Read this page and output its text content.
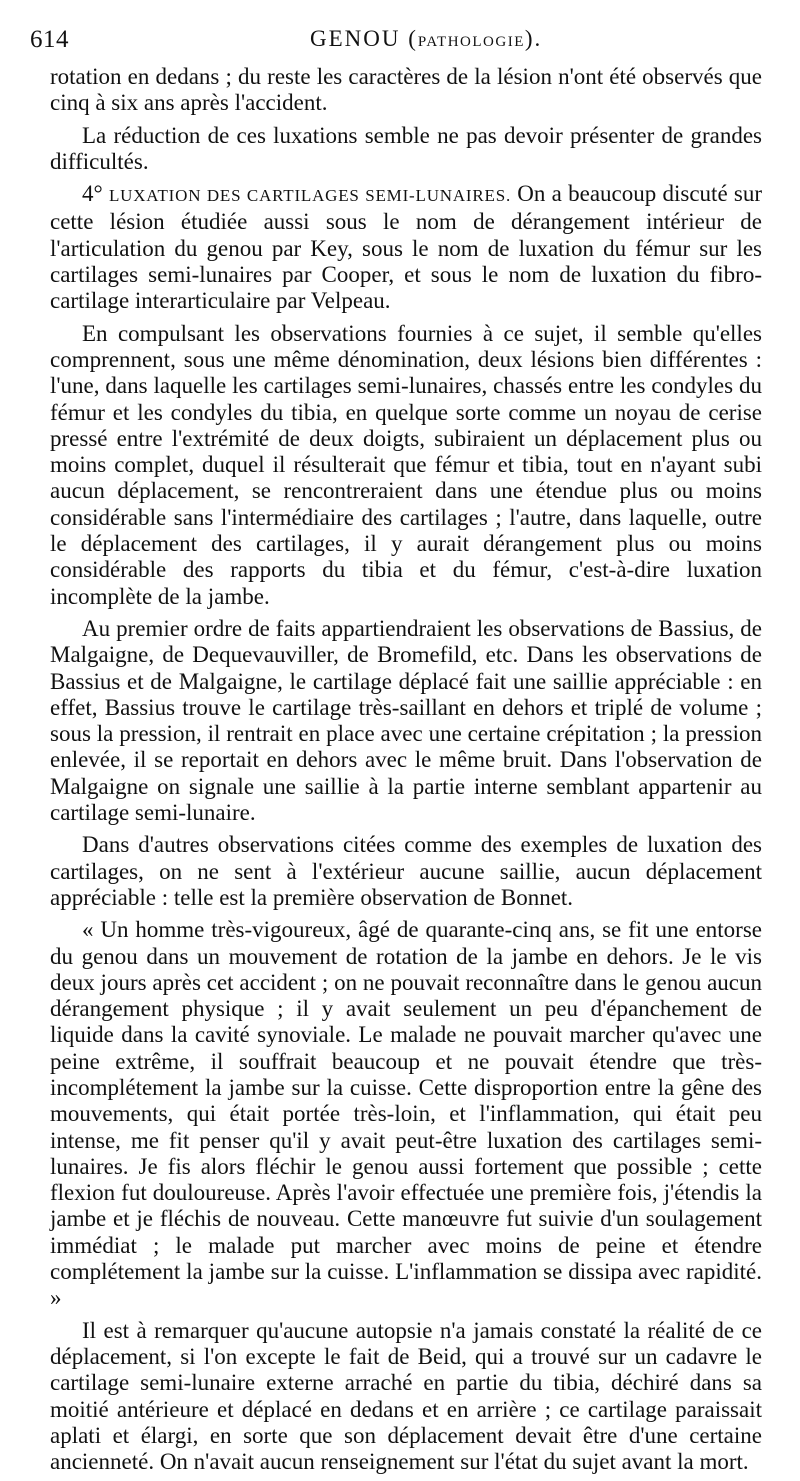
614	GENOU (PATHOLOGIE).

rotation en dedans ; du reste les caractères de la lésion n'ont été observés que cinq à six ans après l'accident.

La réduction de ces luxations semble ne pas devoir présenter de grandes difficultés.

4° LUXATION DES CARTILAGES SEMI-LUNAIRES. On a beaucoup discuté sur cette lésion étudiée aussi sous le nom de dérangement intérieur de l'articulation du genou par Key, sous le nom de luxation du fémur sur les cartilages semi-lunaires par Cooper, et sous le nom de luxation du fibro-cartilage interarticulaire par Velpeau.

En compulsant les observations fournies à ce sujet, il semble qu'elles comprennent, sous une même dénomination, deux lésions bien différentes : l'une, dans laquelle les cartilages semi-lunaires, chassés entre les condyles du fémur et les condyles du tibia, en quelque sorte comme un noyau de cerise pressé entre l'extrémité de deux doigts, subiraient un déplacement plus ou moins complet, duquel il résulterait que fémur et tibia, tout en n'ayant subi aucun déplacement, se rencontreraient dans une étendue plus ou moins considérable sans l'intermédiaire des cartilages ; l'autre, dans laquelle, outre le déplacement des cartilages, il y aurait dérangement plus ou moins considérable des rapports du tibia et du fémur, c'est-à-dire luxation incomplète de la jambe.

Au premier ordre de faits appartiendraient les observations de Bassius, de Malgaigne, de Dequevauviller, de Bromefild, etc. Dans les observations de Bassius et de Malgaigne, le cartilage déplacé fait une saillie appréciable : en effet, Bassius trouve le cartilage très-saillant en dehors et triplé de volume ; sous la pression, il rentrait en place avec une certaine crépitation ; la pression enlevée, il se reportait en dehors avec le même bruit. Dans l'observation de Malgaigne on signale une saillie à la partie interne semblant appartenir au cartilage semi-lunaire.

Dans d'autres observations citées comme des exemples de luxation des cartilages, on ne sent à l'extérieur aucune saillie, aucun déplacement appréciable : telle est la première observation de Bonnet.

« Un homme très-vigoureux, âgé de quarante-cinq ans, se fit une entorse du genou dans un mouvement de rotation de la jambe en dehors. Je le vis deux jours après cet accident ; on ne pouvait reconnaître dans le genou aucun dérangement physique ; il y avait seulement un peu d'épanchement de liquide dans la cavité synoviale. Le malade ne pouvait marcher qu'avec une peine extrême, il souffrait beaucoup et ne pouvait étendre que très-incomplétement la jambe sur la cuisse. Cette disproportion entre la gêne des mouvements, qui était portée très-loin, et l'inflammation, qui était peu intense, me fit penser qu'il y avait peut-être luxation des cartilages semi-lunaires. Je fis alors fléchir le genou aussi fortement que possible ; cette flexion fut douloureuse. Après l'avoir effectuée une première fois, j'étendis la jambe et je fléchis de nouveau. Cette manœuvre fut suivie d'un soulagement immédiat ; le malade put marcher avec moins de peine et étendre complétement la jambe sur la cuisse. L'inflammation se dissipa avec rapidité. »

Il est à remarquer qu'aucune autopsie n'a jamais constaté la réalité de ce déplacement, si l'on excepte le fait de Beid, qui a trouvé sur un cadavre le cartilage semi-lunaire externe arraché en partie du tibia, déchiré dans sa moitié antérieure et déplacé en dedans et en arrière ; ce cartilage paraissait aplati et élargi, en sorte que son déplacement devait être d'une certaine ancienneté. On n'avait aucun renseignement sur l'état du sujet avant la mort.
